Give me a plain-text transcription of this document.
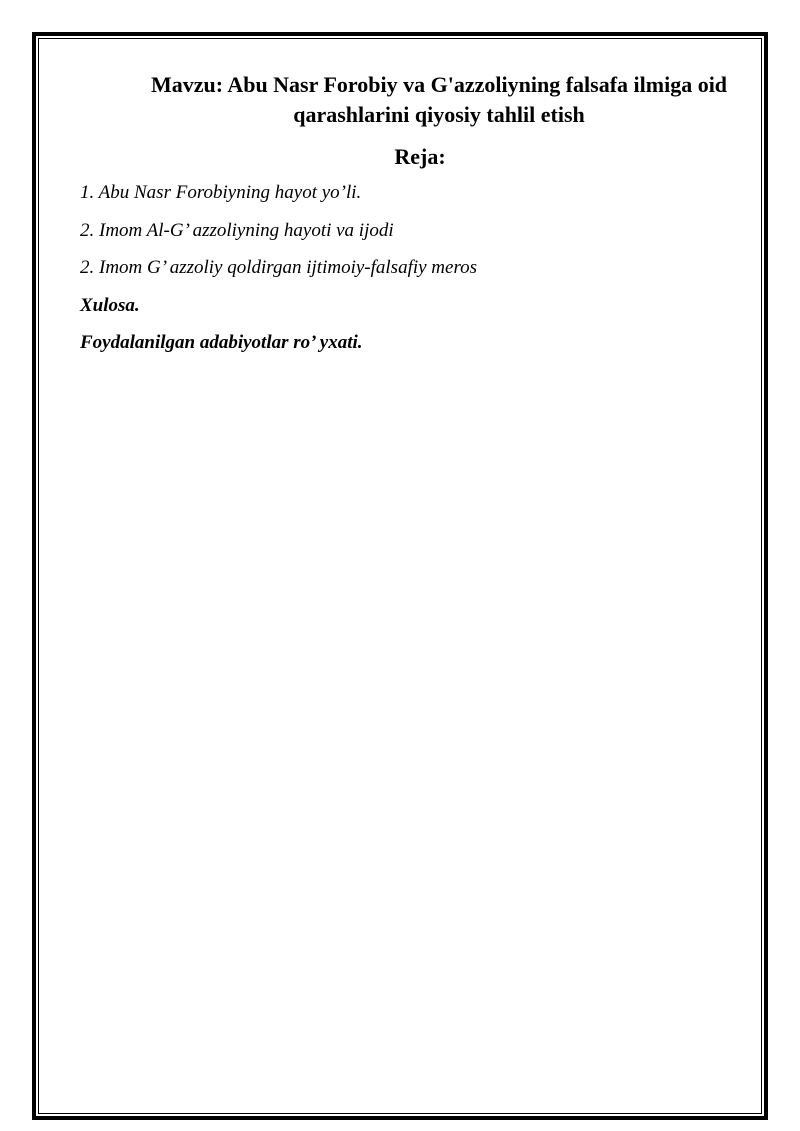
Mavzu: Abu Nasr Forobiy va G'azzoliyning falsafa ilmiga oid
qarashlarini qiyosiy tahlil etish
Reja:
1. Abu Nasr Forobiyning hayot yo’li.
2. Imom Al-G’ azzoliyning hayoti va ijodi
2. Imom G’ azzoliy qoldirgan ijtimoiy-falsafiy meros
Xulosa.
Foydalanilgan adabiyotlar ro’ yxati.
